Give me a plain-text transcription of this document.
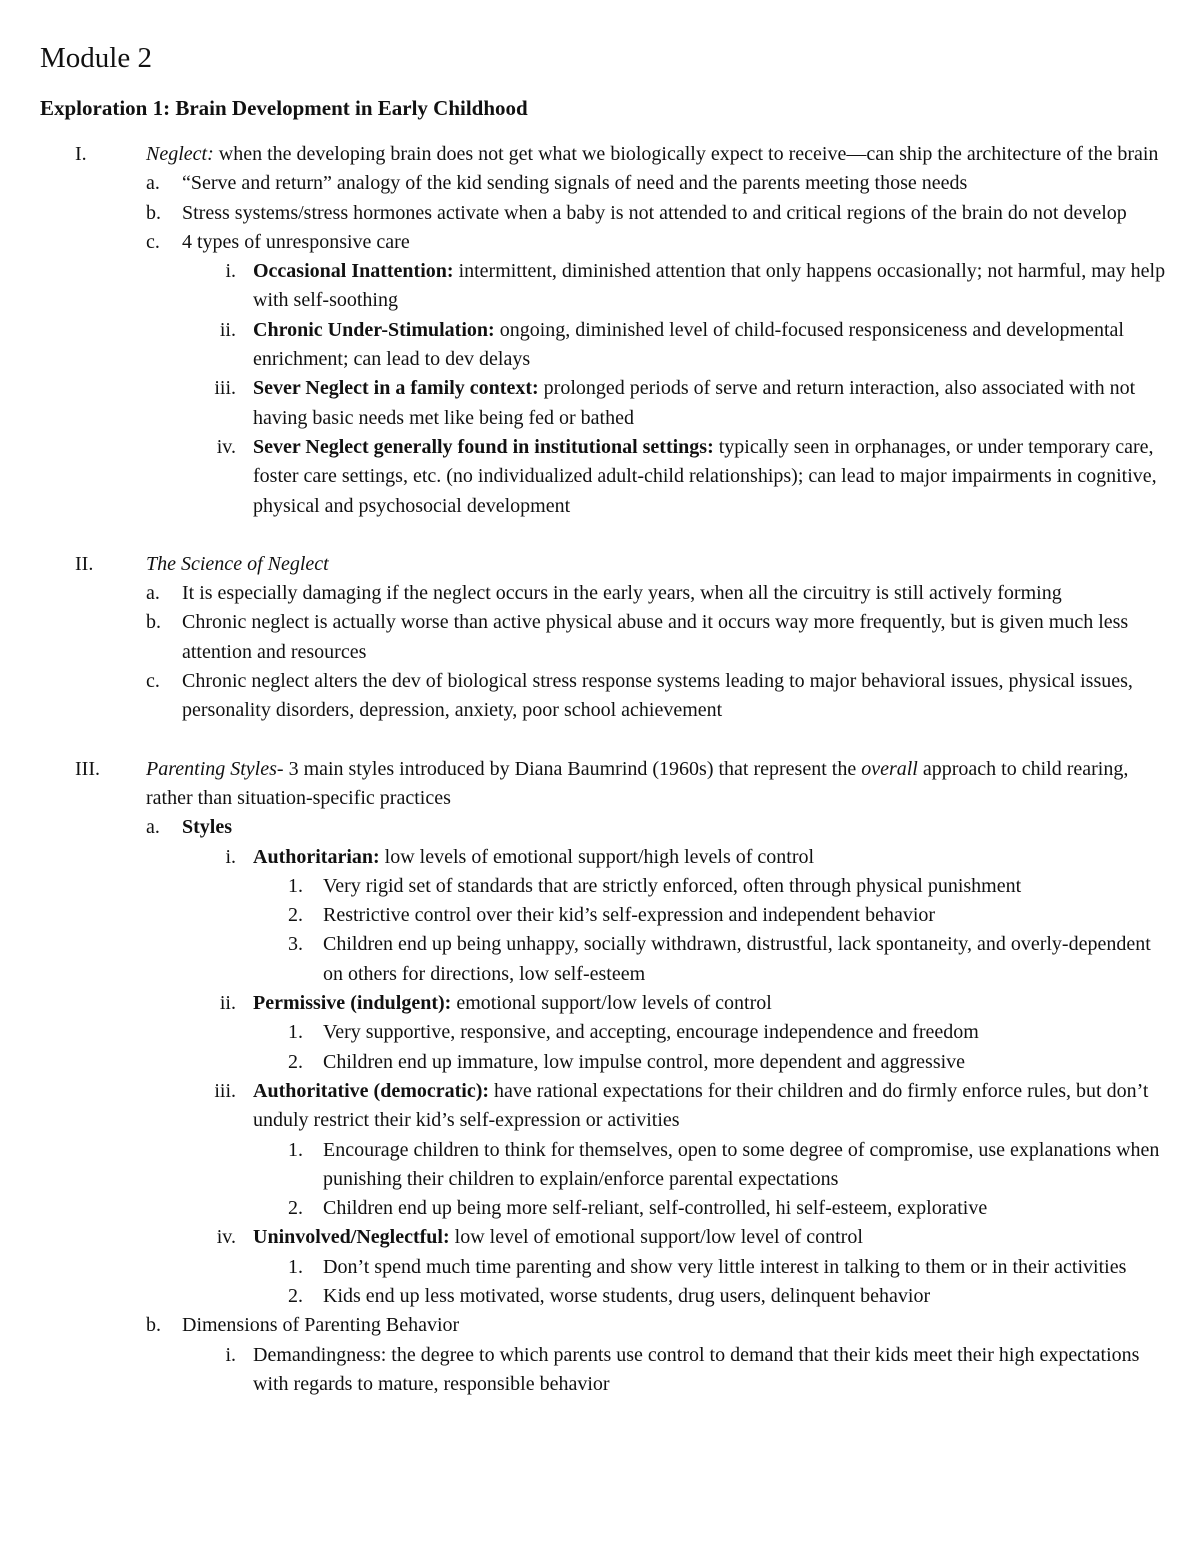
Module 2
Exploration 1: Brain Development in Early Childhood
I.	Neglect: when the developing brain does not get what we biologically expect to receive—can ship the architecture of the brain
a. “Serve and return” analogy of the kid sending signals of need and the parents meeting those needs
b. Stress systems/stress hormones activate when a baby is not attended to and critical regions of the brain do not develop
c. 4 types of unresponsive care
i. Occasional Inattention: intermittent, diminished attention that only happens occasionally; not harmful, may help with self-soothing
ii. Chronic Under-Stimulation: ongoing, diminished level of child-focused responsiceness and developmental enrichment; can lead to dev delays
iii. Sever Neglect in a family context: prolonged periods of serve and return interaction, also associated with not having basic needs met like being fed or bathed
iv. Sever Neglect generally found in institutional settings: typically seen in orphanages, or under temporary care, foster care settings, etc. (no individualized adult-child relationships); can lead to major impairments in cognitive, physical and psychosocial development
II.	The Science of Neglect
a. It is especially damaging if the neglect occurs in the early years, when all the circuitry is still actively forming
b. Chronic neglect is actually worse than active physical abuse and it occurs way more frequently, but is given much less attention and resources
c. Chronic neglect alters the dev of biological stress response systems leading to major behavioral issues, physical issues, personality disorders, depression, anxiety, poor school achievement
III. Parenting Styles- 3 main styles introduced by Diana Baumrind (1960s) that represent the overall approach to child rearing, rather than situation-specific practices
a. Styles
i. Authoritarian: low levels of emotional support/high levels of control
1. Very rigid set of standards that are strictly enforced, often through physical punishment
2. Restrictive control over their kid’s self-expression and independent behavior
3. Children end up being unhappy, socially withdrawn, distrustful, lack spontaneity, and overly-dependent on others for directions, low self-esteem
ii. Permissive (indulgent): emotional support/low levels of control
1. Very supportive, responsive, and accepting, encourage independence and freedom
2. Children end up immature, low impulse control, more dependent and aggressive
iii. Authoritative (democratic): have rational expectations for their children and do firmly enforce rules, but don’t unduly restrict their kid’s self-expression or activities
1. Encourage children to think for themselves, open to some degree of compromise, use explanations when punishing their children to explain/enforce parental expectations
2. Children end up being more self-reliant, self-controlled, hi self-esteem, explorative
iv. Uninvolved/Neglectful: low level of emotional support/low level of control
1. Don’t spend much time parenting and show very little interest in talking to them or in their activities
2. Kids end up less motivated, worse students, drug users, delinquent behavior
b. Dimensions of Parenting Behavior
i. Demandingness: the degree to which parents use control to demand that their kids meet their high expectations with regards to mature, responsible behavior
